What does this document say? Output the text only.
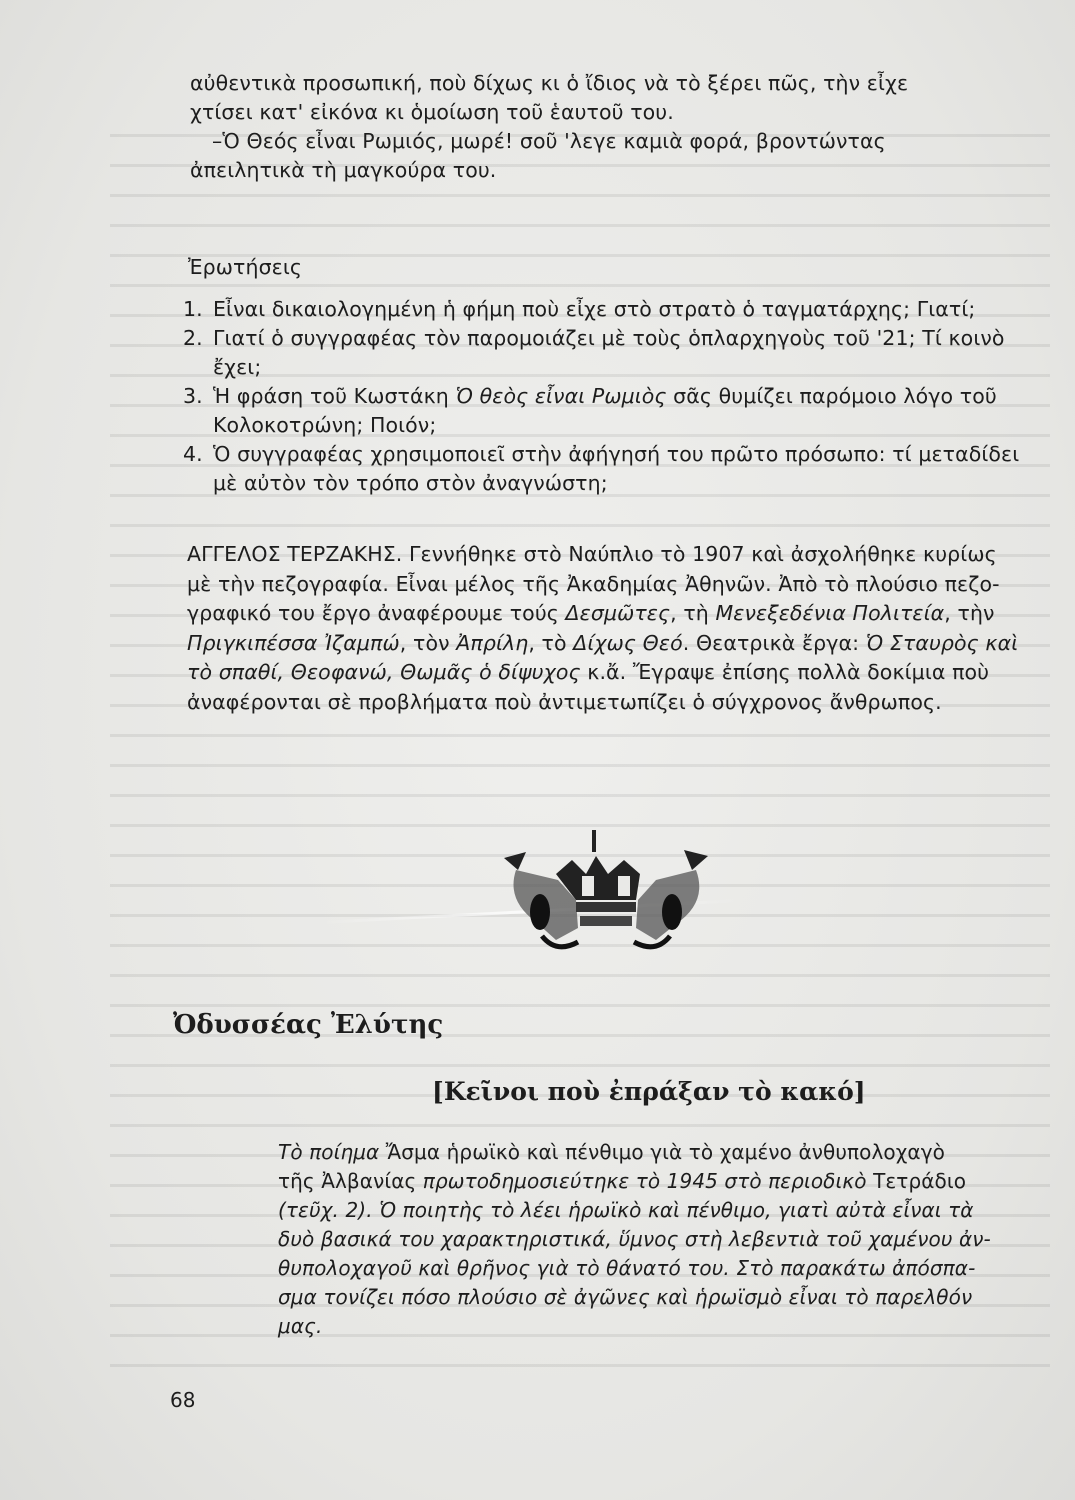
αὐθεντικὰ προσωπική, ποὺ δίχως κι ὁ ἴδιος νὰ τὸ ξέρει πῶς, τὴν εἶχε
χτίσει κατ' εἰκόνα κι ὁμοίωση τοῦ ἑαυτοῦ του.
–Ὁ Θεός εἶναι Ρωμιός, μωρέ! σοῦ 'λεγε καμιὰ φορά, βροντώντας
ἀπειλητικὰ τὴ μαγκούρα του.
Ἐρωτήσεις
1. Εἶναι δικαιολογημένη ἡ φήμη ποὺ εἶχε στὸ στρατὸ ὁ ταγματάρχης; Γιατί;
2. Γιατί ὁ συγγραφέας τὸν παρομοιάζει μὲ τοὺς ὁπλαρχηγοὺς τοῦ '21; Τί κοινὸ
ἔχει;
3. Ἡ φράση τοῦ Κωστάκη Ὁ θεὸς εἶναι Ρωμιὸς σᾶς θυμίζει παρόμοιο λόγο τοῦ
Κολοκοτρώνη; Ποιόν;
4. Ὁ συγγραφέας χρησιμοποιεῖ στὴν ἀφήγησή του πρῶτο πρόσωπο: τί μεταδίδει
μὲ αὐτὸν τὸν τρόπο στὸν ἀναγνώστη;
ΑΓΓΕΛΟΣ ΤΕΡΖΑΚΗΣ. Γεννήθηκε στὸ Ναύπλιο τὸ 1907 καὶ ἀσχολήθηκε κυρίως
μὲ τὴν πεζογραφία. Εἶναι μέλος τῆς Ἀκαδημίας Ἀθηνῶν. Ἀπὸ τὸ πλούσιο πεζο-
γραφικό του ἔργο ἀναφέρουμε τούς Δεσμῶτες, τὴ Μενεξεδένια Πολιτεία, τὴν
Πριγκιπέσσα Ἰζαμπώ, τὸν Ἀπρίλη, τὸ Δίχως Θεό. Θεατρικὰ ἔργα: Ὁ Σταυρὸς καὶ
τὸ σπαθί, Θεοφανώ, Θωμᾶς ὁ δίψυχος κ.ἄ. Ἔγραψε ἐπίσης πολλὰ δοκίμια ποὺ
ἀναφέρονται σὲ προβλήματα ποὺ ἀντιμετωπίζει ὁ σύγχρονος ἄνθρωπος.
Ὀδυσσέας Ἐλύτης
[Κεῖνοι ποὺ ἐπράξαν τὸ κακό]
Τὸ ποίημα Ἄσμα ἡρωϊκὸ καὶ πένθιμο γιὰ τὸ χαμένο ἀνθυπολοχαγὸ
τῆς Ἀλβανίας πρωτοδημοσιεύτηκε τὸ 1945 στὸ περιοδικὸ Τετράδιο
(τεῦχ. 2). Ὁ ποιητὴς τὸ λέει ἡρωϊκὸ καὶ πένθιμο, γιατὶ αὐτὰ εἶναι τὰ
δυὸ βασικά του χαρακτηριστικά, ὕμνος στὴ λεβεντιὰ τοῦ χαμένου ἀν-
θυπολοχαγοῦ καὶ θρῆνος γιὰ τὸ θάνατό του. Στὸ παρακάτω ἀπόσπα-
σμα τονίζει πόσο πλούσιο σὲ ἀγῶνες καὶ ἡρωϊσμὸ εἶναι τὸ παρελθόν
μας.
68
